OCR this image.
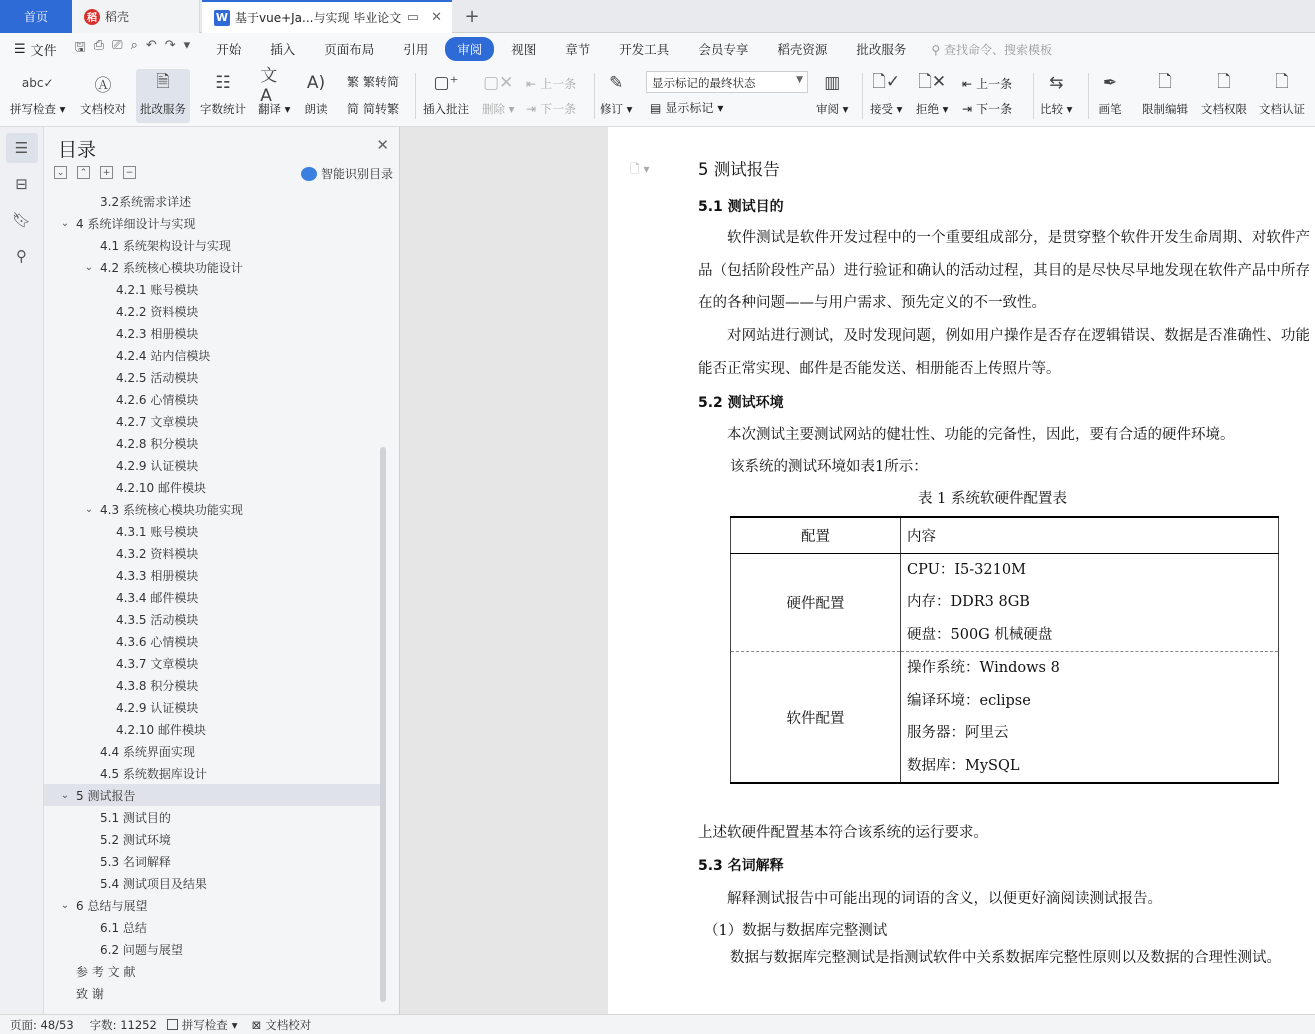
首页	稻 稻壳	W 基于vue+Ja...与实现 毕业论文 ▭ ✕ +
☰ 文件 🖫 ⎙ ⎚ ⌕ ↶ ↷ ▾	开始	插入	页面布局	引用	审阅	视图	章节	开发工具	会员专享	稻壳资源	批改服务	⚲ 查找命令、搜索模板
abc✓
拼写检查 ▾
Ⓐ
文档校对
🗎
批改服务
☷
字数统计
文A
翻译 ▾
A)
朗读
繁 繁转简
简 简转繁
▢⁺
插入批注
▢✕
删除 ▾
⇤ 上一条
⇥ 下一条
✎
修订 ▾ ▤ 显示标记 ▾
▥
审阅 ▾
🗋✓
接受 ▾
🗋✕
拒绝 ▾
⇤ 上一条
⇥ 下一条
⇆
比较 ▾
✒
画笔
🗋
限制编辑
🗋
文档权限
🗋
文档认证
显示标记的最终状态	▼
☰
⊟
🔖︎
⚲
目录	✕
⌄	⌃	+	−	智能识别目录
3.2系统需求详述
⌄ 4 系统详细设计与实现
4.1 系统架构设计与实现
⌄ 4.2 系统核心模块功能设计
4.2.1 账号模块
4.2.2 资料模块
4.2.3 相册模块
4.2.4 站内信模块
4.2.5 活动模块
4.2.6 心情模块
4.2.7 文章模块
4.2.8 积分模块
4.2.9 认证模块
4.2.10 邮件模块
⌄ 4.3 系统核心模块功能实现
4.3.1 账号模块
4.3.2 资料模块
4.3.3 相册模块
4.3.4 邮件模块
4.3.5 活动模块
4.3.6 心情模块
4.3.7 文章模块
4.3.8 积分模块
4.2.9 认证模块
4.2.10 邮件模块
4.4 系统界面实现
4.5 系统数据库设计
⌄ 5 测试报告
5.1 测试目的
5.2 测试环境
5.3 名词解释
5.4 测试项目及结果
⌄ 6 总结与展望
6.1 总结
6.2 问题与展望
参 考 文 献
致 谢
🗋 ▾	5 测试报告
5.1 测试目的
软件测试是软件开发过程中的一个重要组成部分，是贯穿整个软件开发生命周期、对软件产品（包括阶段性产品）进行验证和确认的活动过程，其目的是尽快尽早地发现在软件产品中所存在的各种问题——与用户需求、预先定义的不一致性。
对网站进行测试，及时发现问题，例如用户操作是否存在逻辑错误、数据是否准确性、功能能否正常实现、邮件是否能发送、相册能否上传照片等。
5.2 测试环境
本次测试主要测试网站的健壮性、功能的完备性，因此，要有合适的硬件环境。
该系统的测试环境如表1所示：
表 1 系统软硬件配置表
配置	内容
硬件配置	CPU：I5-3210M
内存：DDR3 8GB
硬盘：500G 机械硬盘

软件配置	操作系统：Windows 8
编译环境：eclipse
服务器：阿里云
数据库：MySQL
上述软硬件配置基本符合该系统的运行要求。
5.3 名词解释
解释测试报告中可能出现的词语的含义，以便更好滴阅读测试报告。
（1）数据与数据库完整测试
数据与数据库完整测试是指测试软件中关系数据库完整性原则以及数据的合理性测试。
页面: 48/53 字数: 11252 拼写检查 ▾ ⊠ 文档校对
